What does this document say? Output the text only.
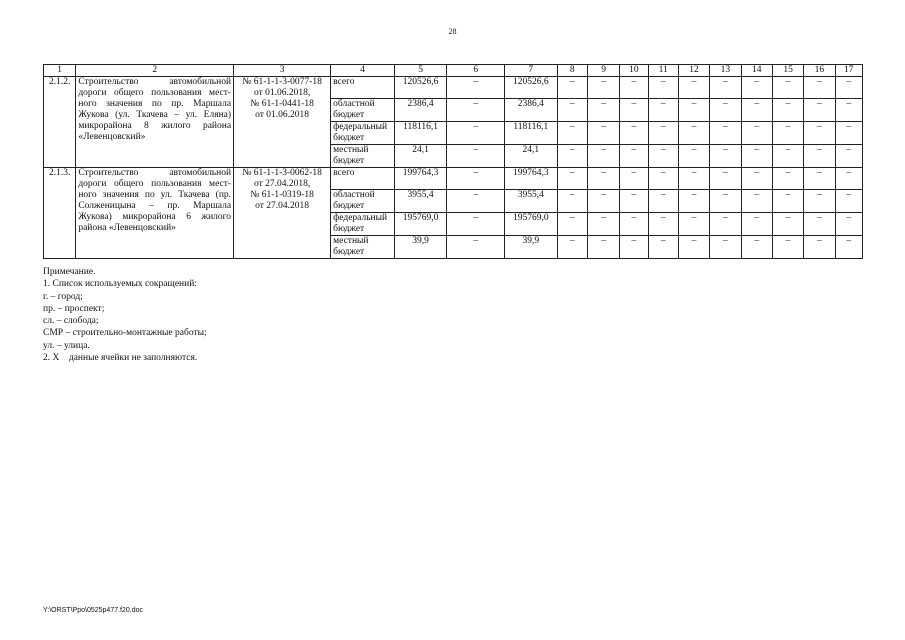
28
1	2	3	4	5	6	7	8	9	10	11	12	13	14	15	16	17
2.1.2.	Строительство автомобильной дороги общего пользования мест-ного значения по пр. Маршала Жукова (ул. Ткачева – ул. Еляна) микрорайона 8 жилого района «Левенцовский»	№ 61-1-1-3-0077-18
от 01.06.2018,
№ 61-1-0441-18
от 01.06.2018	всего	120526,6	–	120526,6	–	–	–	–	–	–	–	–	–	–
			областной бюджет	2386,4	–	2386,4	–	–	–	–	–	–	–	–	–	–
			федеральный бюджет	118116,1	–	118116,1	–	–	–	–	–	–	–	–	–	–
			местный бюджет	24,1	–	24,1	–	–	–	–	–	–	–	–	–	–
2.1.3.	Строительство автомобильной дороги общего пользования мест-ного значения по ул. Ткачева (пр. Солженицына – пр. Маршала Жукова) микрорайона 6 жилого района «Левенцовский»	№ 61-1-1-3-0062-18
от 27.04.2018,
№ 61-1-0319-18
от 27.04.2018	всего	199764,3	–	199764,3	–	–	–	–	–	–	–	–	–	–
			областной бюджет	3955,4	–	3955,4	–	–	–	–	–	–	–	–	–	–
			федеральный бюджет	195769,0	–	195769,0	–	–	–	–	–	–	–	–	–	–
			местный бюджет	39,9	–	39,9	–	–	–	–	–	–	–	–	–	–
Примечание.
1. Список используемых сокращений:
г. – город;
пр. – проспект;
сл. – слобода;
СМР – строительно-монтажные работы;
ул. – улица.
2. Х    данные ячейки не заполняются.
Y:\ORST\Ppo\0525p477.f20.doc
